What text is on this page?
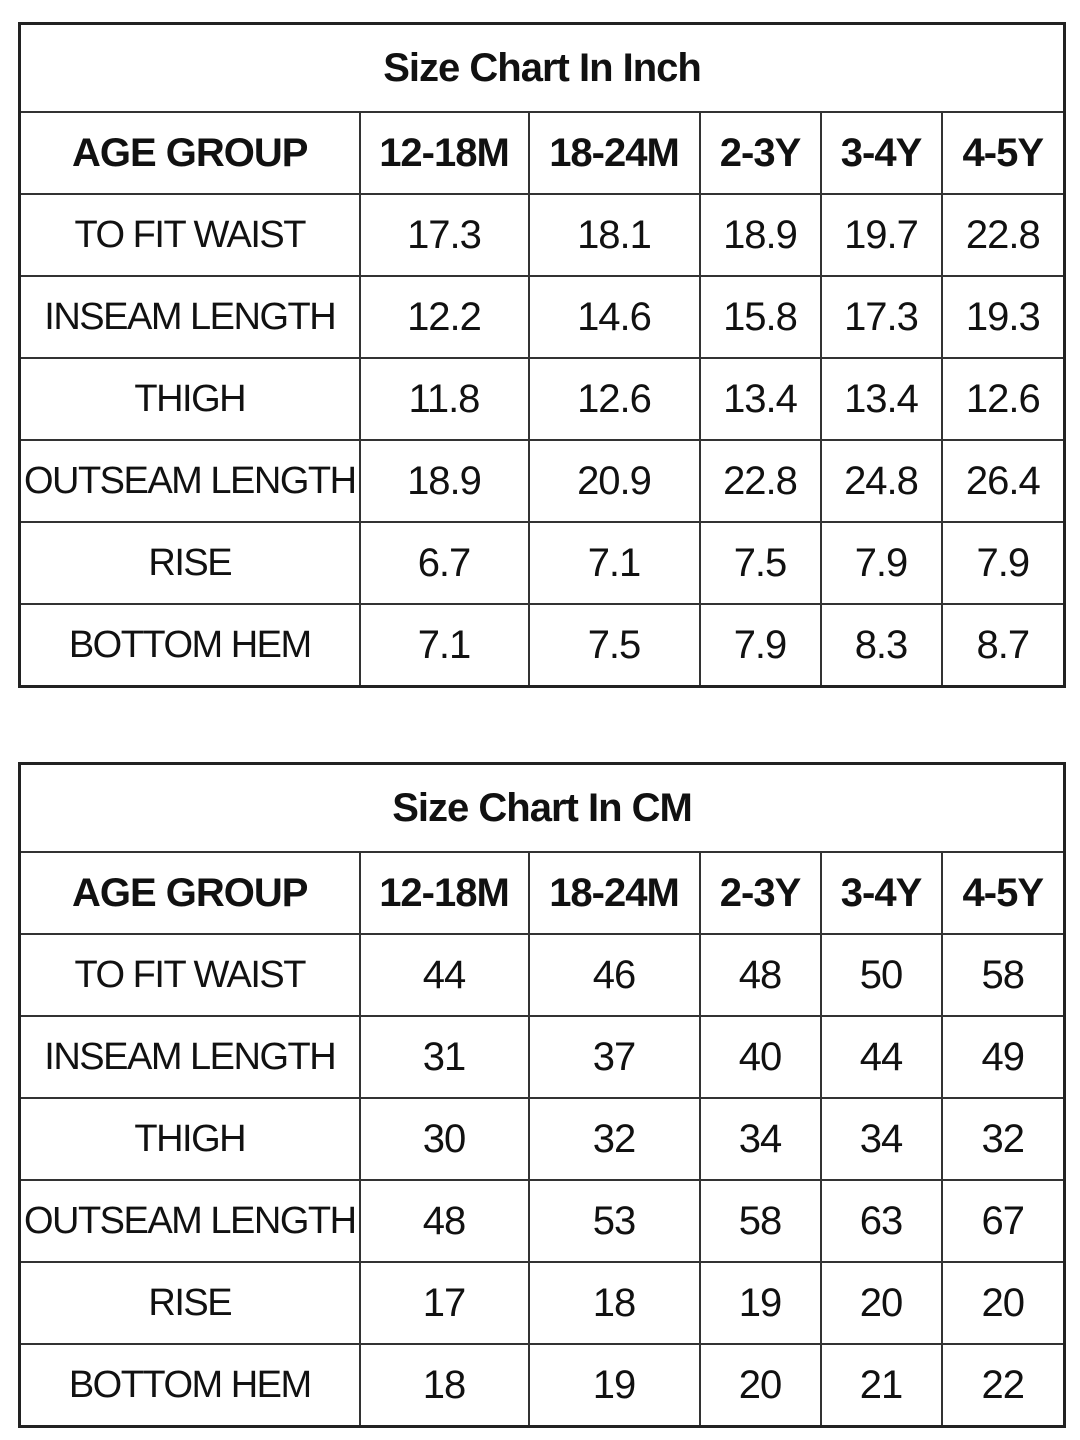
Size Chart In Inch					
AGE GROUP	12-18M	18-24M	2-3Y	3-4Y	4-5Y
TO FIT WAIST	17.3	18.1	18.9	19.7	22.8
INSEAM LENGTH	12.2	14.6	15.8	17.3	19.3
THIGH	11.8	12.6	13.4	13.4	12.6
OUTSEAM LENGTH	18.9	20.9	22.8	24.8	26.4
RISE	6.7	7.1	7.5	7.9	7.9
BOTTOM HEM	7.1	7.5	7.9	8.3	8.7
Size Chart In CM					
AGE GROUP	12-18M	18-24M	2-3Y	3-4Y	4-5Y
TO FIT WAIST	44	46	48	50	58
INSEAM LENGTH	31	37	40	44	49
THIGH	30	32	34	34	32
OUTSEAM LENGTH	48	53	58	63	67
RISE	17	18	19	20	20
BOTTOM HEM	18	19	20	21	22
